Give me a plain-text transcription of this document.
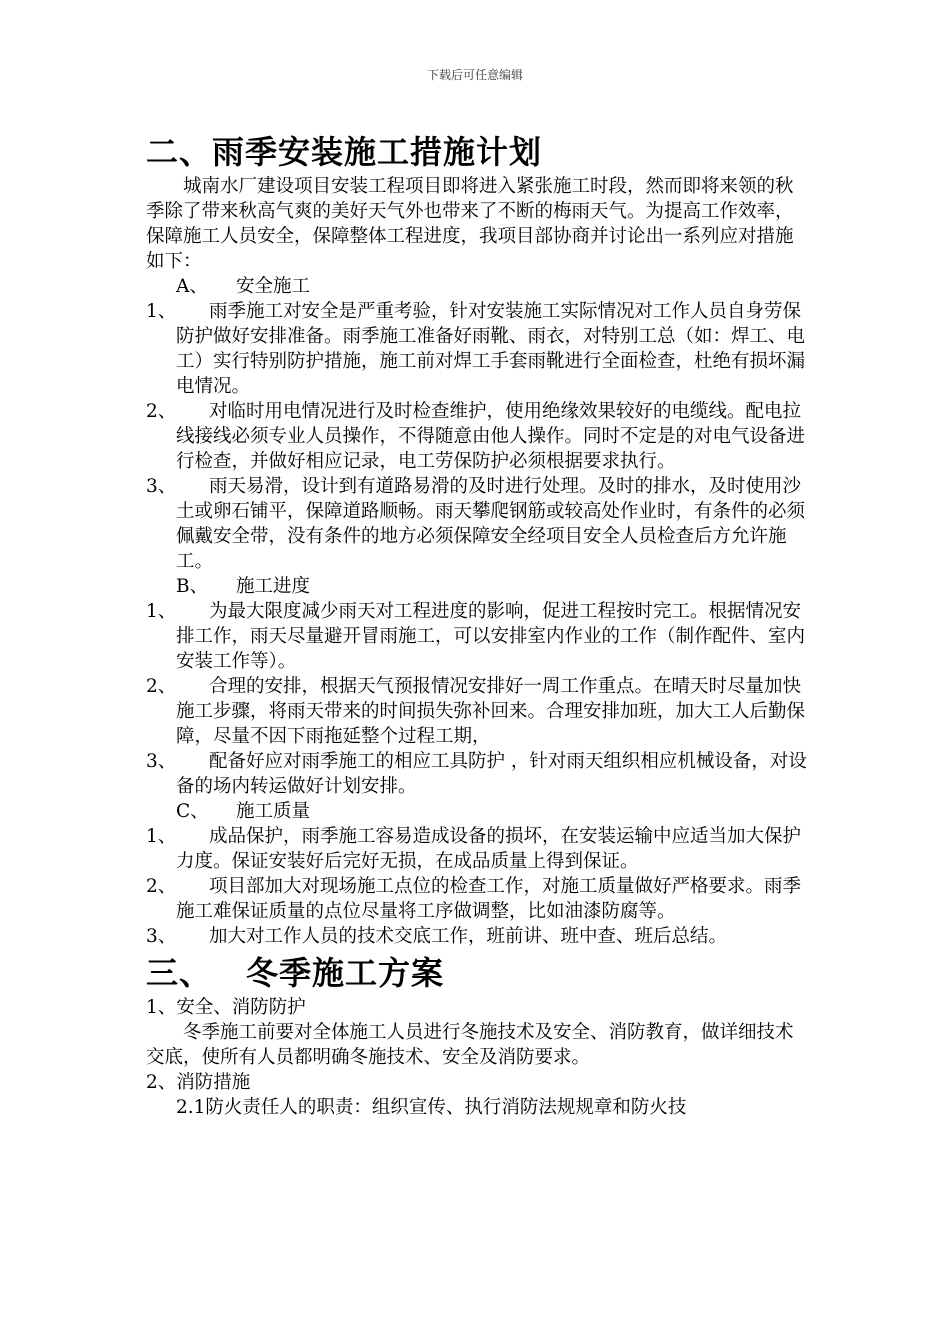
下载后可任意编辑
二、雨季安装施工措施计划

城南水厂建设项目安装工程项目即将进入紧张施工时段，然而即将来领的秋季除了带来秋高气爽的美好天气外也带来了不断的梅雨天气。为提高工作效率，保障施工人员安全，保障整体工程进度，我项目部协商并讨论出一系列应对措施如下：

A、 安全施工

1、	雨季施工对安全是严重考验，针对安装施工实际情况对工作人员自身劳保防护做好安排准备。雨季施工准备好雨靴、雨衣，对特别工总（如：焊工、电工）实行特别防护措施，施工前对焊工手套雨靴进行全面检查，杜绝有损坏漏电情况。

2、	对临时用电情况进行及时检查维护，使用绝缘效果较好的电缆线。配电拉线接线必须专业人员操作，不得随意由他人操作。同时不定是的对电气设备进行检查，并做好相应记录，电工劳保防护必须根据要求执行。

3、	雨天易滑，设计到有道路易滑的及时进行处理。及时的排水，及时使用沙土或卵石铺平，保障道路顺畅。雨天攀爬钢筋或较高处作业时，有条件的必须佩戴安全带，没有条件的地方必须保障安全经项目安全人员检查后方允许施工。

B、 施工进度

1、	为最大限度减少雨天对工程进度的影响，促进工程按时完工。根据情况安排工作，雨天尽量避开冒雨施工，可以安排室内作业的工作（制作配件、室内安装工作等）。

2、	合理的安排，根据天气预报情况安排好一周工作重点。在晴天时尽量加快施工步骤，将雨天带来的时间损失弥补回来。合理安排加班，加大工人后勤保障，尽量不因下雨拖延整个过程工期，

3、	配备好应对雨季施工的相应工具防护 ，针对雨天组织相应机械设备，对设备的场内转运做好计划安排。

C、 施工质量

1、	成品保护，雨季施工容易造成设备的损坏，在安装运输中应适当加大保护力度。保证安装好后完好无损，在成品质量上得到保证。

2、	项目部加大对现场施工点位的检查工作，对施工质量做好严格要求。雨季施工难保证质量的点位尽量将工序做调整，比如油漆防腐等。

3、	加大对工作人员的技术交底工作，班前讲、班中查、班后总结。

三、 冬季施工方案

1、安全、消防防护

冬季施工前要对全体施工人员进行冬施技术及安全、消防教育，做详细技术交底，使所有人员都明确冬施技术、安全及消防要求。

2、消防措施

2.1防火责任人的职责：组织宣传、执行消防法规规章和防火技
